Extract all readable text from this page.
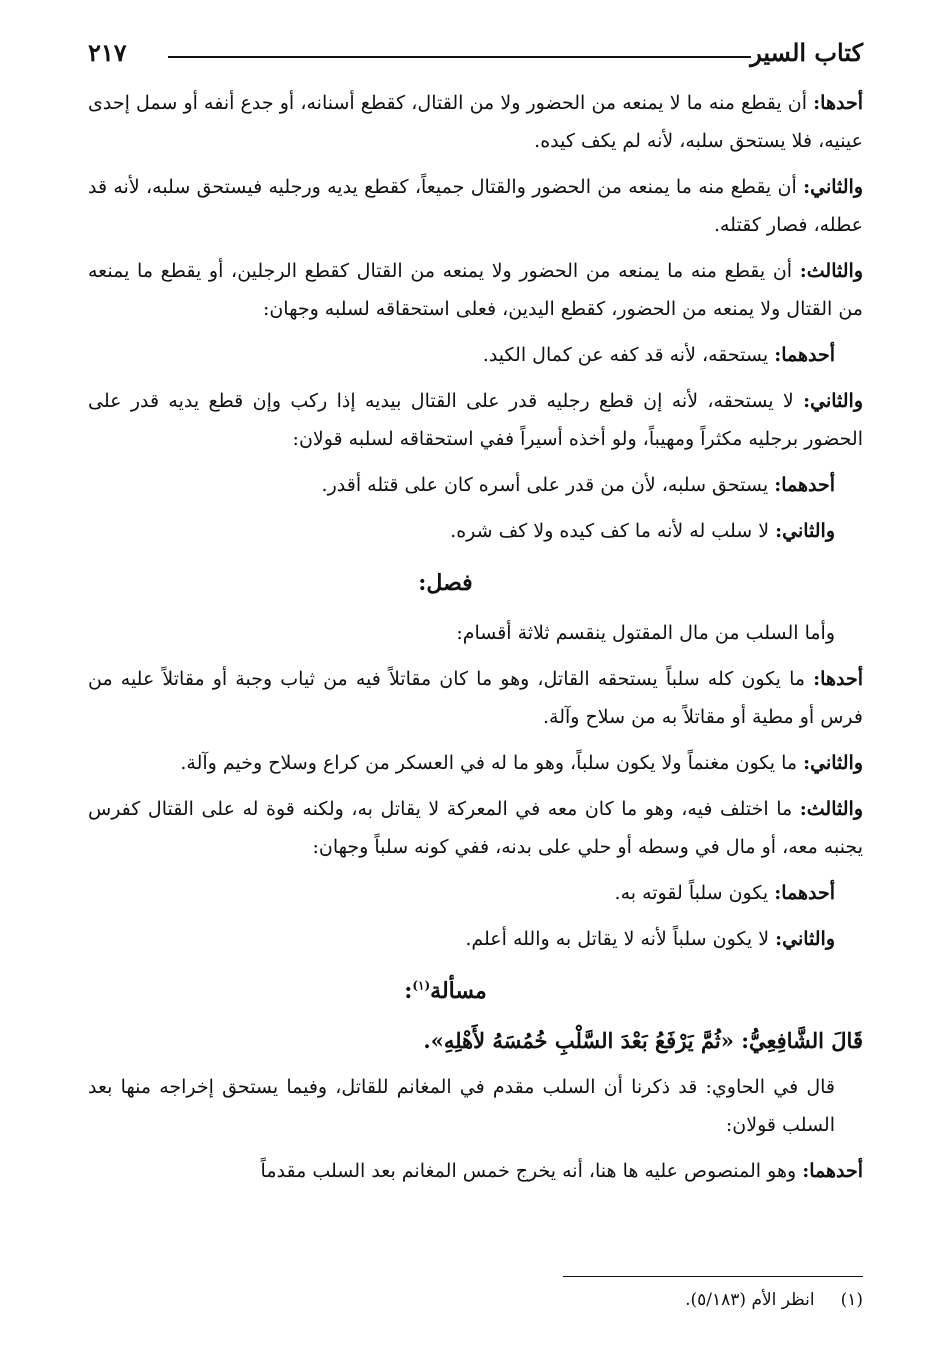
كتاب السير
٢١٧

أحدها: أن يقطع منه ما لا يمنعه من الحضور ولا من القتال، كقطع أسنانه، أو جدع أنفه أو سمل إحدى عينيه، فلا يستحق سلبه، لأنه لم يكف كيده.

والثاني: أن يقطع منه ما يمنعه من الحضور والقتال جميعاً، كقطع يديه ورجليه فيستحق سلبه، لأنه قد عطله، فصار كقتله.

والثالث: أن يقطع منه ما يمنعه من الحضور ولا يمنعه من القتال كقطع الرجلين، أو يقطع ما يمنعه من القتال ولا يمنعه من الحضور، كقطع اليدين، فعلى استحقاقه لسلبه وجهان:

أحدهما: يستحقه، لأنه قد كفه عن كمال الكيد.

والثاني: لا يستحقه، لأنه إن قطع رجليه قدر على القتال بيديه إذا ركب وإن قطع يديه قدر على الحضور برجليه مكثراً ومهيباً، ولو أخذه أسيراً ففي استحقاقه لسلبه قولان:

أحدهما: يستحق سلبه، لأن من قدر على أسره كان على قتله أقدر.

والثاني: لا سلب له لأنه ما كف كيده ولا كف شره.

فصل:

وأما السلب من مال المقتول ينقسم ثلاثة أقسام:

أحدها: ما يكون كله سلباً يستحقه القاتل، وهو ما كان مقاتلاً فيه من ثياب وجبة أو مقاتلاً عليه من فرس أو مطية أو مقاتلاً به من سلاح وآلة.

والثاني: ما يكون مغنماً ولا يكون سلباً، وهو ما له في العسكر من كراع وسلاح وخيم وآلة.

والثالث: ما اختلف فيه، وهو ما كان معه في المعركة لا يقاتل به، ولكنه قوة له على القتال كفرس يجنبه معه، أو مال في وسطه أو حلي على بدنه، ففي كونه سلباً وجهان:

أحدهما: يكون سلباً لقوته به.

والثاني: لا يكون سلباً لأنه لا يقاتل به والله أعلم.

مسألة$^{(١)}$:

قَالَ الشَّافِعِيُّ: «ثُمَّ يَرْفَعُ بَعْدَ السَّلْبِ خُمُسَهُ لأَهْلِهِ».

قال في الحاوي: قد ذكرنا أن السلب مقدم في المغانم للقاتل، وفيما يستحق إخراجه منها بعد السلب قولان:

أحدهما: وهو المنصوص عليه ها هنا، أنه يخرج خمس المغانم بعد السلب مقدماً

(١)انظر الأم (٥/١٨٣).
